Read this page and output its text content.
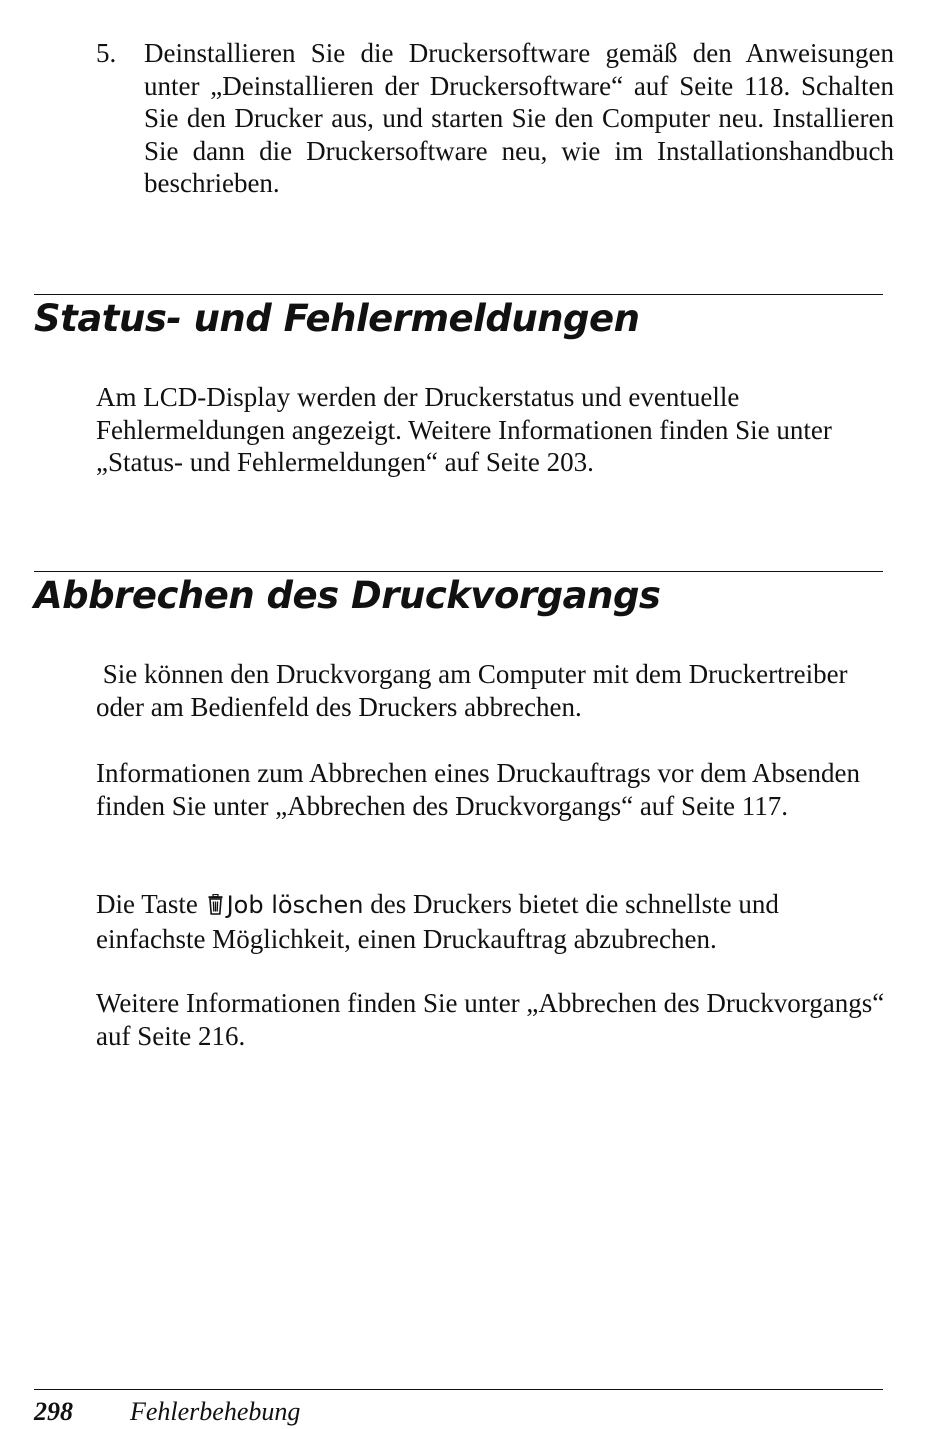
5. Deinstallieren Sie die Druckersoftware gemäß den Anweisungen unter „Deinstallieren der Druckersoftware“ auf Seite 118. Schalten Sie den Drucker aus, und starten Sie den Computer neu. Installieren Sie dann die Druckersoftware neu, wie im Installationshandbuch beschrieben.
Status- und Fehlermeldungen

Am LCD-Display werden der Druckerstatus und eventuelle Fehlermeldungen angezeigt. Weitere Informationen finden Sie unter „Status- und Fehlermeldungen“ auf Seite 203.

Abbrechen des Druckvorgangs

Sie können den Druckvorgang am Computer mit dem Druckertreiber oder am Bedienfeld des Druckers abbrechen.

Informationen zum Abbrechen eines Druckauftrags vor dem Absenden finden Sie unter „Abbrechen des Druckvorgangs“ auf Seite 117.

Die Taste Job löschen des Druckers bietet die schnellste und einfachste Möglichkeit, einen Druckauftrag abzubrechen.

Weitere Informationen finden Sie unter „Abbrechen des Druckvorgangs“ auf Seite 216.

298 Fehlerbehebung
